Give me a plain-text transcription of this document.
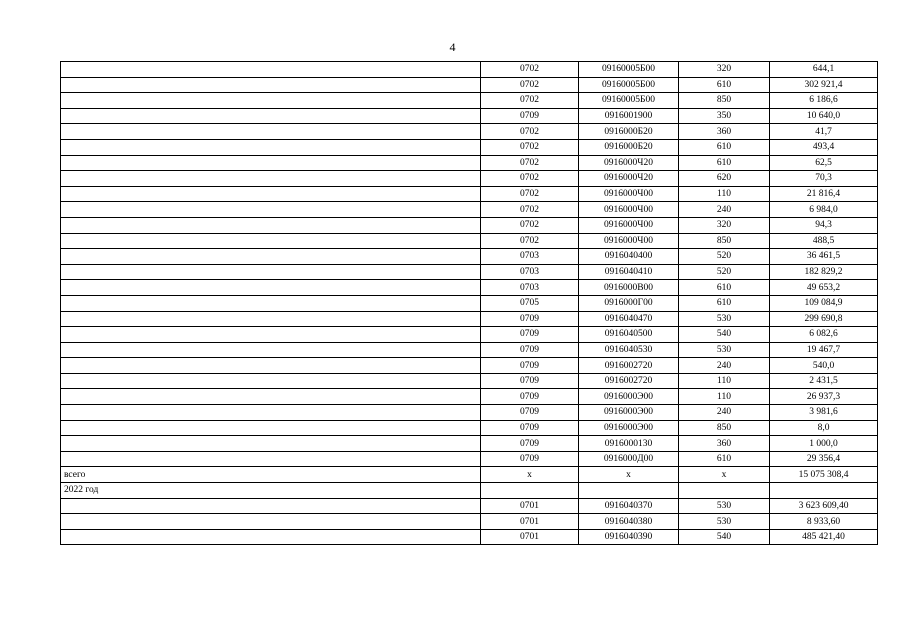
4
	0702	09160005Б00	320	644,1
	0702	09160005Б00	610	302 921,4
	0702	09160005Б00	850	6 186,6
	0709	0916001900	350	10 640,0
	0702	0916000Б20	360	41,7
	0702	0916000Б20	610	493,4
	0702	0916000Ч20	610	62,5
	0702	0916000Ч20	620	70,3
	0702	0916000Ч00	110	21 816,4
	0702	0916000Ч00	240	6 984,0
	0702	0916000Ч00	320	94,3
	0702	0916000Ч00	850	488,5
	0703	0916040400	520	36 461,5
	0703	0916040410	520	182 829,2
	0703	0916000В00	610	49 653,2
	0705	0916000Г00	610	109 084,9
	0709	0916040470	530	299 690,8
	0709	0916040500	540	6 082,6
	0709	0916040530	530	19 467,7
	0709	0916002720	240	540,0
	0709	0916002720	110	2 431,5
	0709	0916000Э00	110	26 937,3
	0709	0916000Э00	240	3 981,6
	0709	0916000Э00	850	8,0
	0709	0916000130	360	1 000,0
	0709	0916000Д00	610	29 356,4
всего	х	х	х	15 075 308,4
2022 год				
	0701	0916040370	530	3 623 609,40
	0701	0916040380	530	8 933,60
	0701	0916040390	540	485 421,40
